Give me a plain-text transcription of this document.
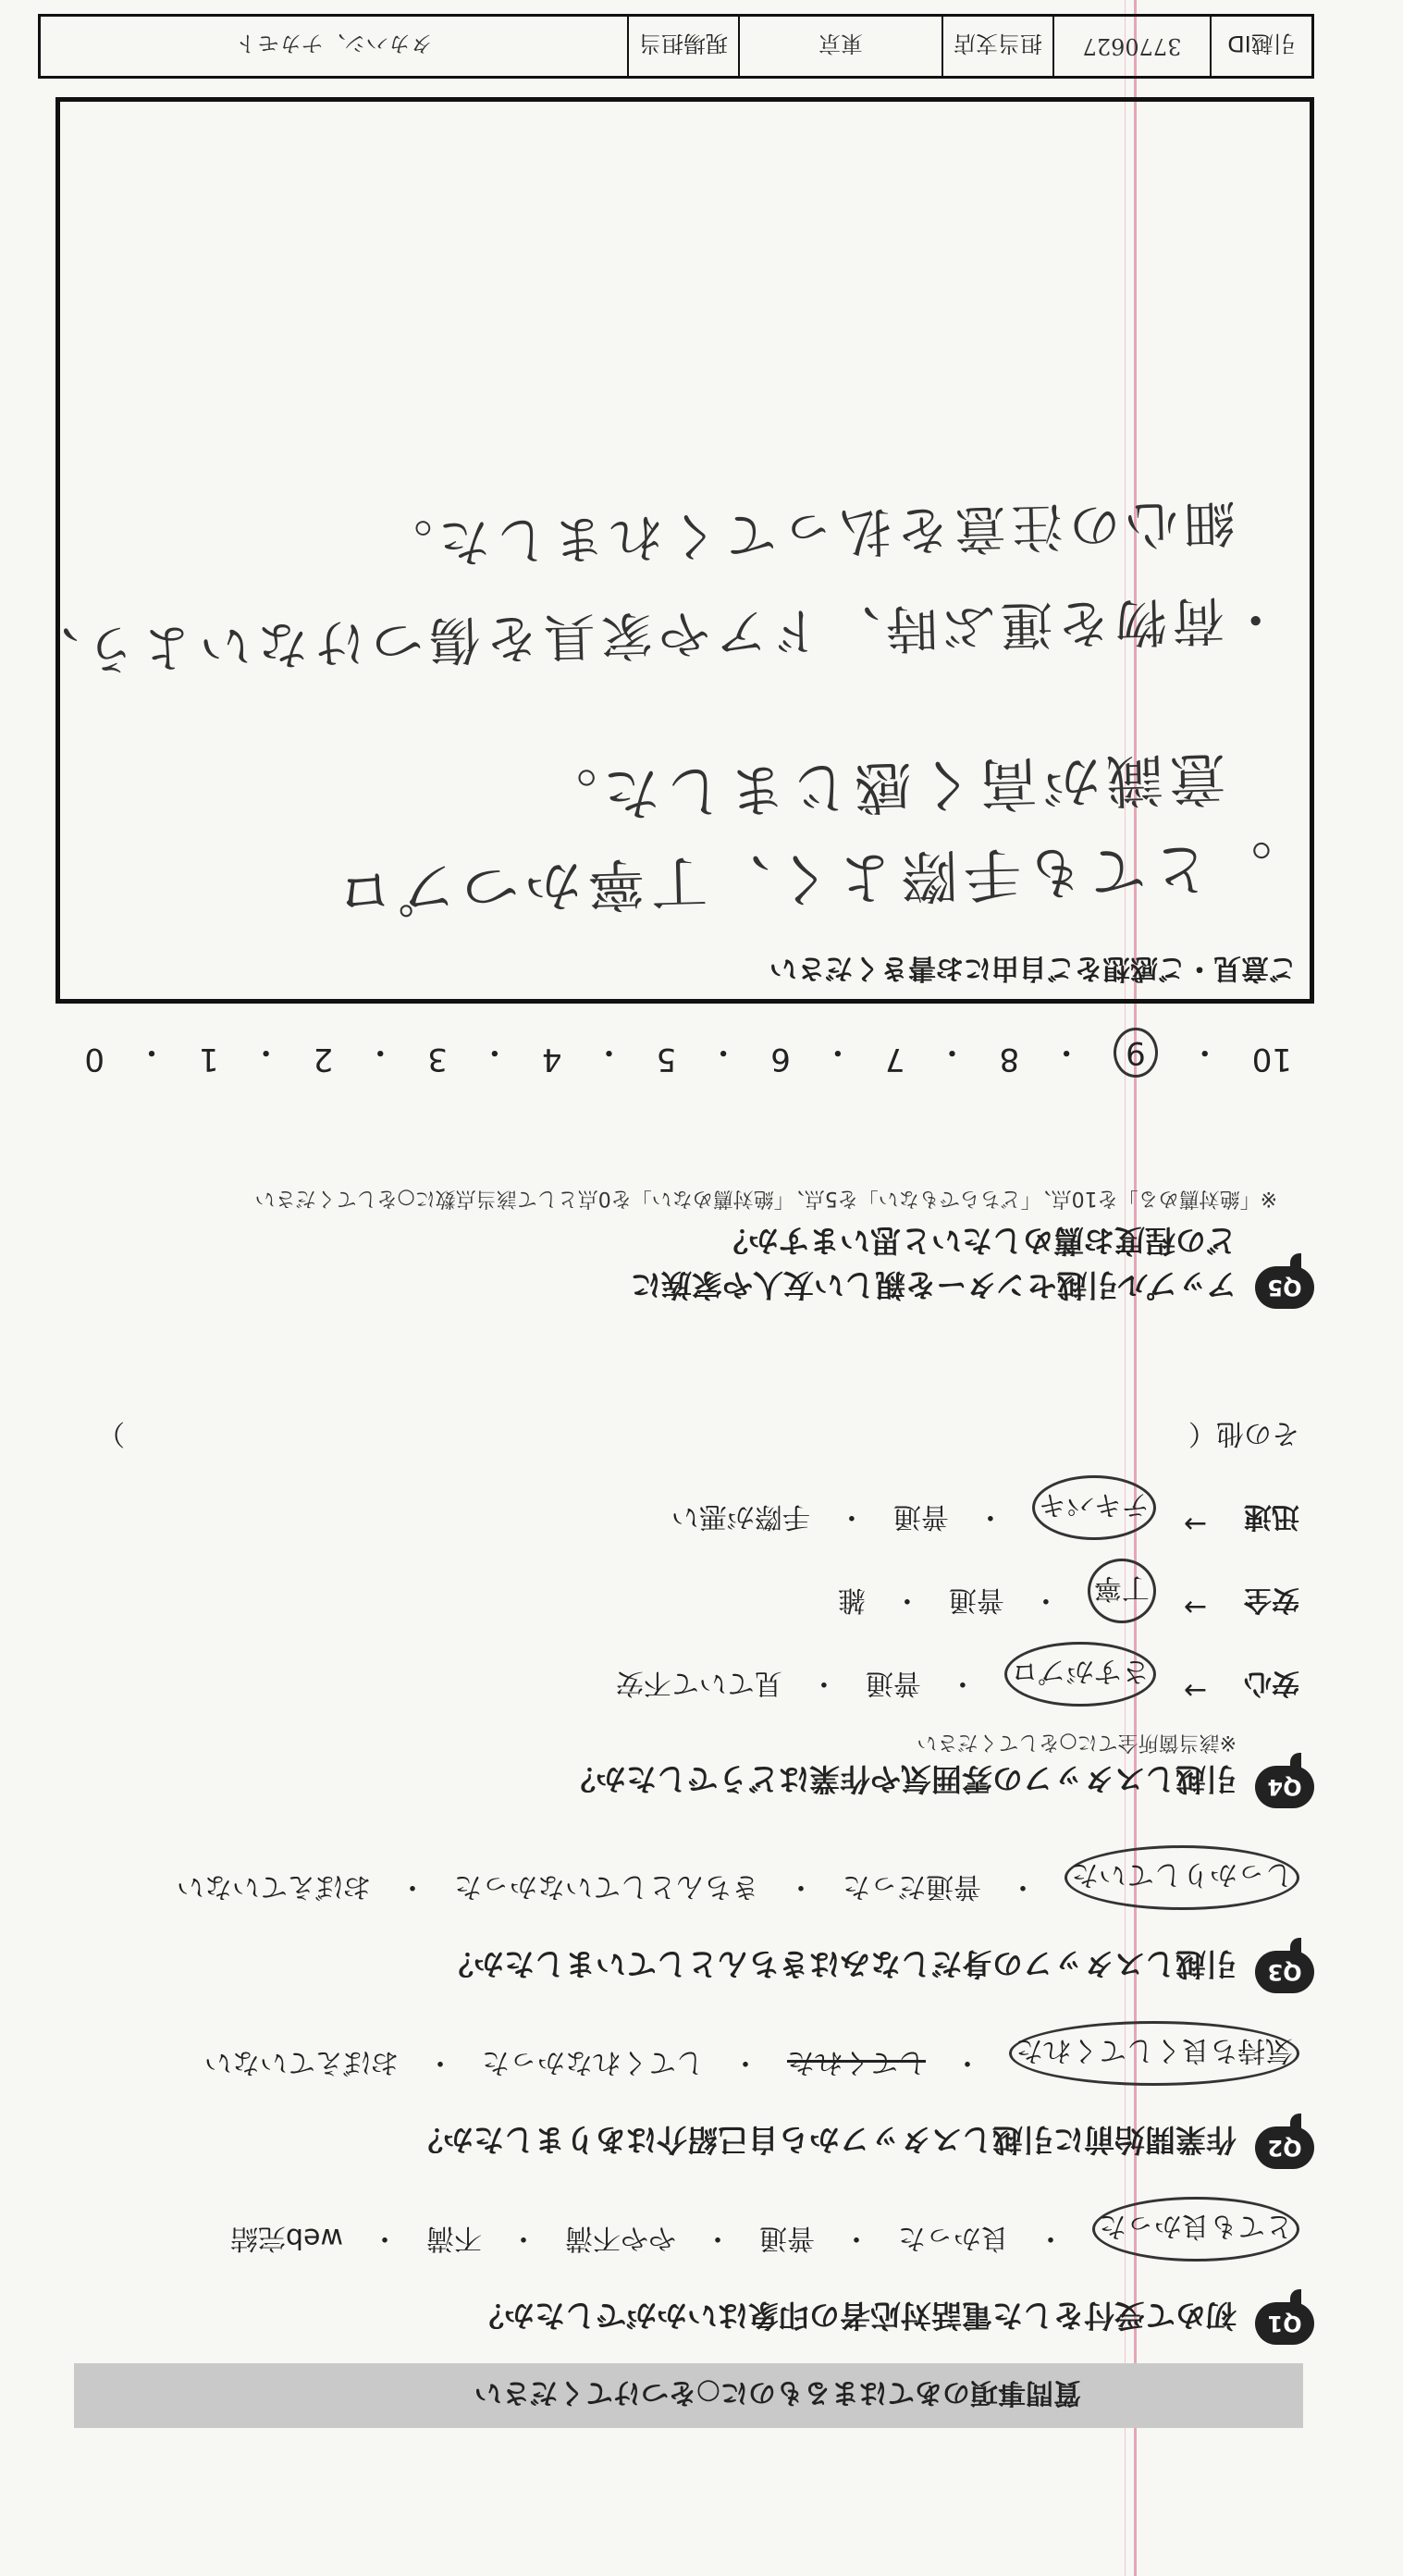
質問事項のあてはまるものに○をつけてください
Q1
初めて受付をした電話対応者の印象はいかがでしたか？
とても良かった
・
良かった
・
普通
・
やや不満
・
不満
・
web完結
Q2
作業開始前に引越しスタッフから自己紹介はありましたか？
気持ち良くしてくれた
・
してくれた
・
してくれなかった
・
おぼえていない
Q3
引越しスタッフの身だしなみはきちんとしていましたか？
しっかりしていた
・
普通だった
・
きちんとしていなかった
・
おぼえていない
Q4
引越しスタッフの雰囲気や作業はどうでしたか？
※該当箇所全てに○をしてください
安心
→
さすがプロ
・
普通
・
見ていて不安
安全
→
丁寧
・
普通
・
雑
迅速
→
テキパキ
・
普通
・
手際が悪い
その他（
）
Q5
アップル引越センターを親しい友人や家族に
どの程度お薦めしたいと思いますか？
※「絶対薦める」を10点、「どちらでもない」を5点、「絶対薦めない」を0点として該当点数に○をしてください
10
・
9
・
8
・
7
・
6
・
5
・
4
・
3
・
2
・
1
・
0
ご意見・ご感想をご自由にお書きください
。とても手際よく、丁寧かつプロ
意識が高く感じました。
・荷物を運ぶ時、ドアや家具を傷つけないよう、
細心の注意を払ってくれました。
引越ID
3770627
担当支店
東京
現場担当
タカハシ、ナカモト
